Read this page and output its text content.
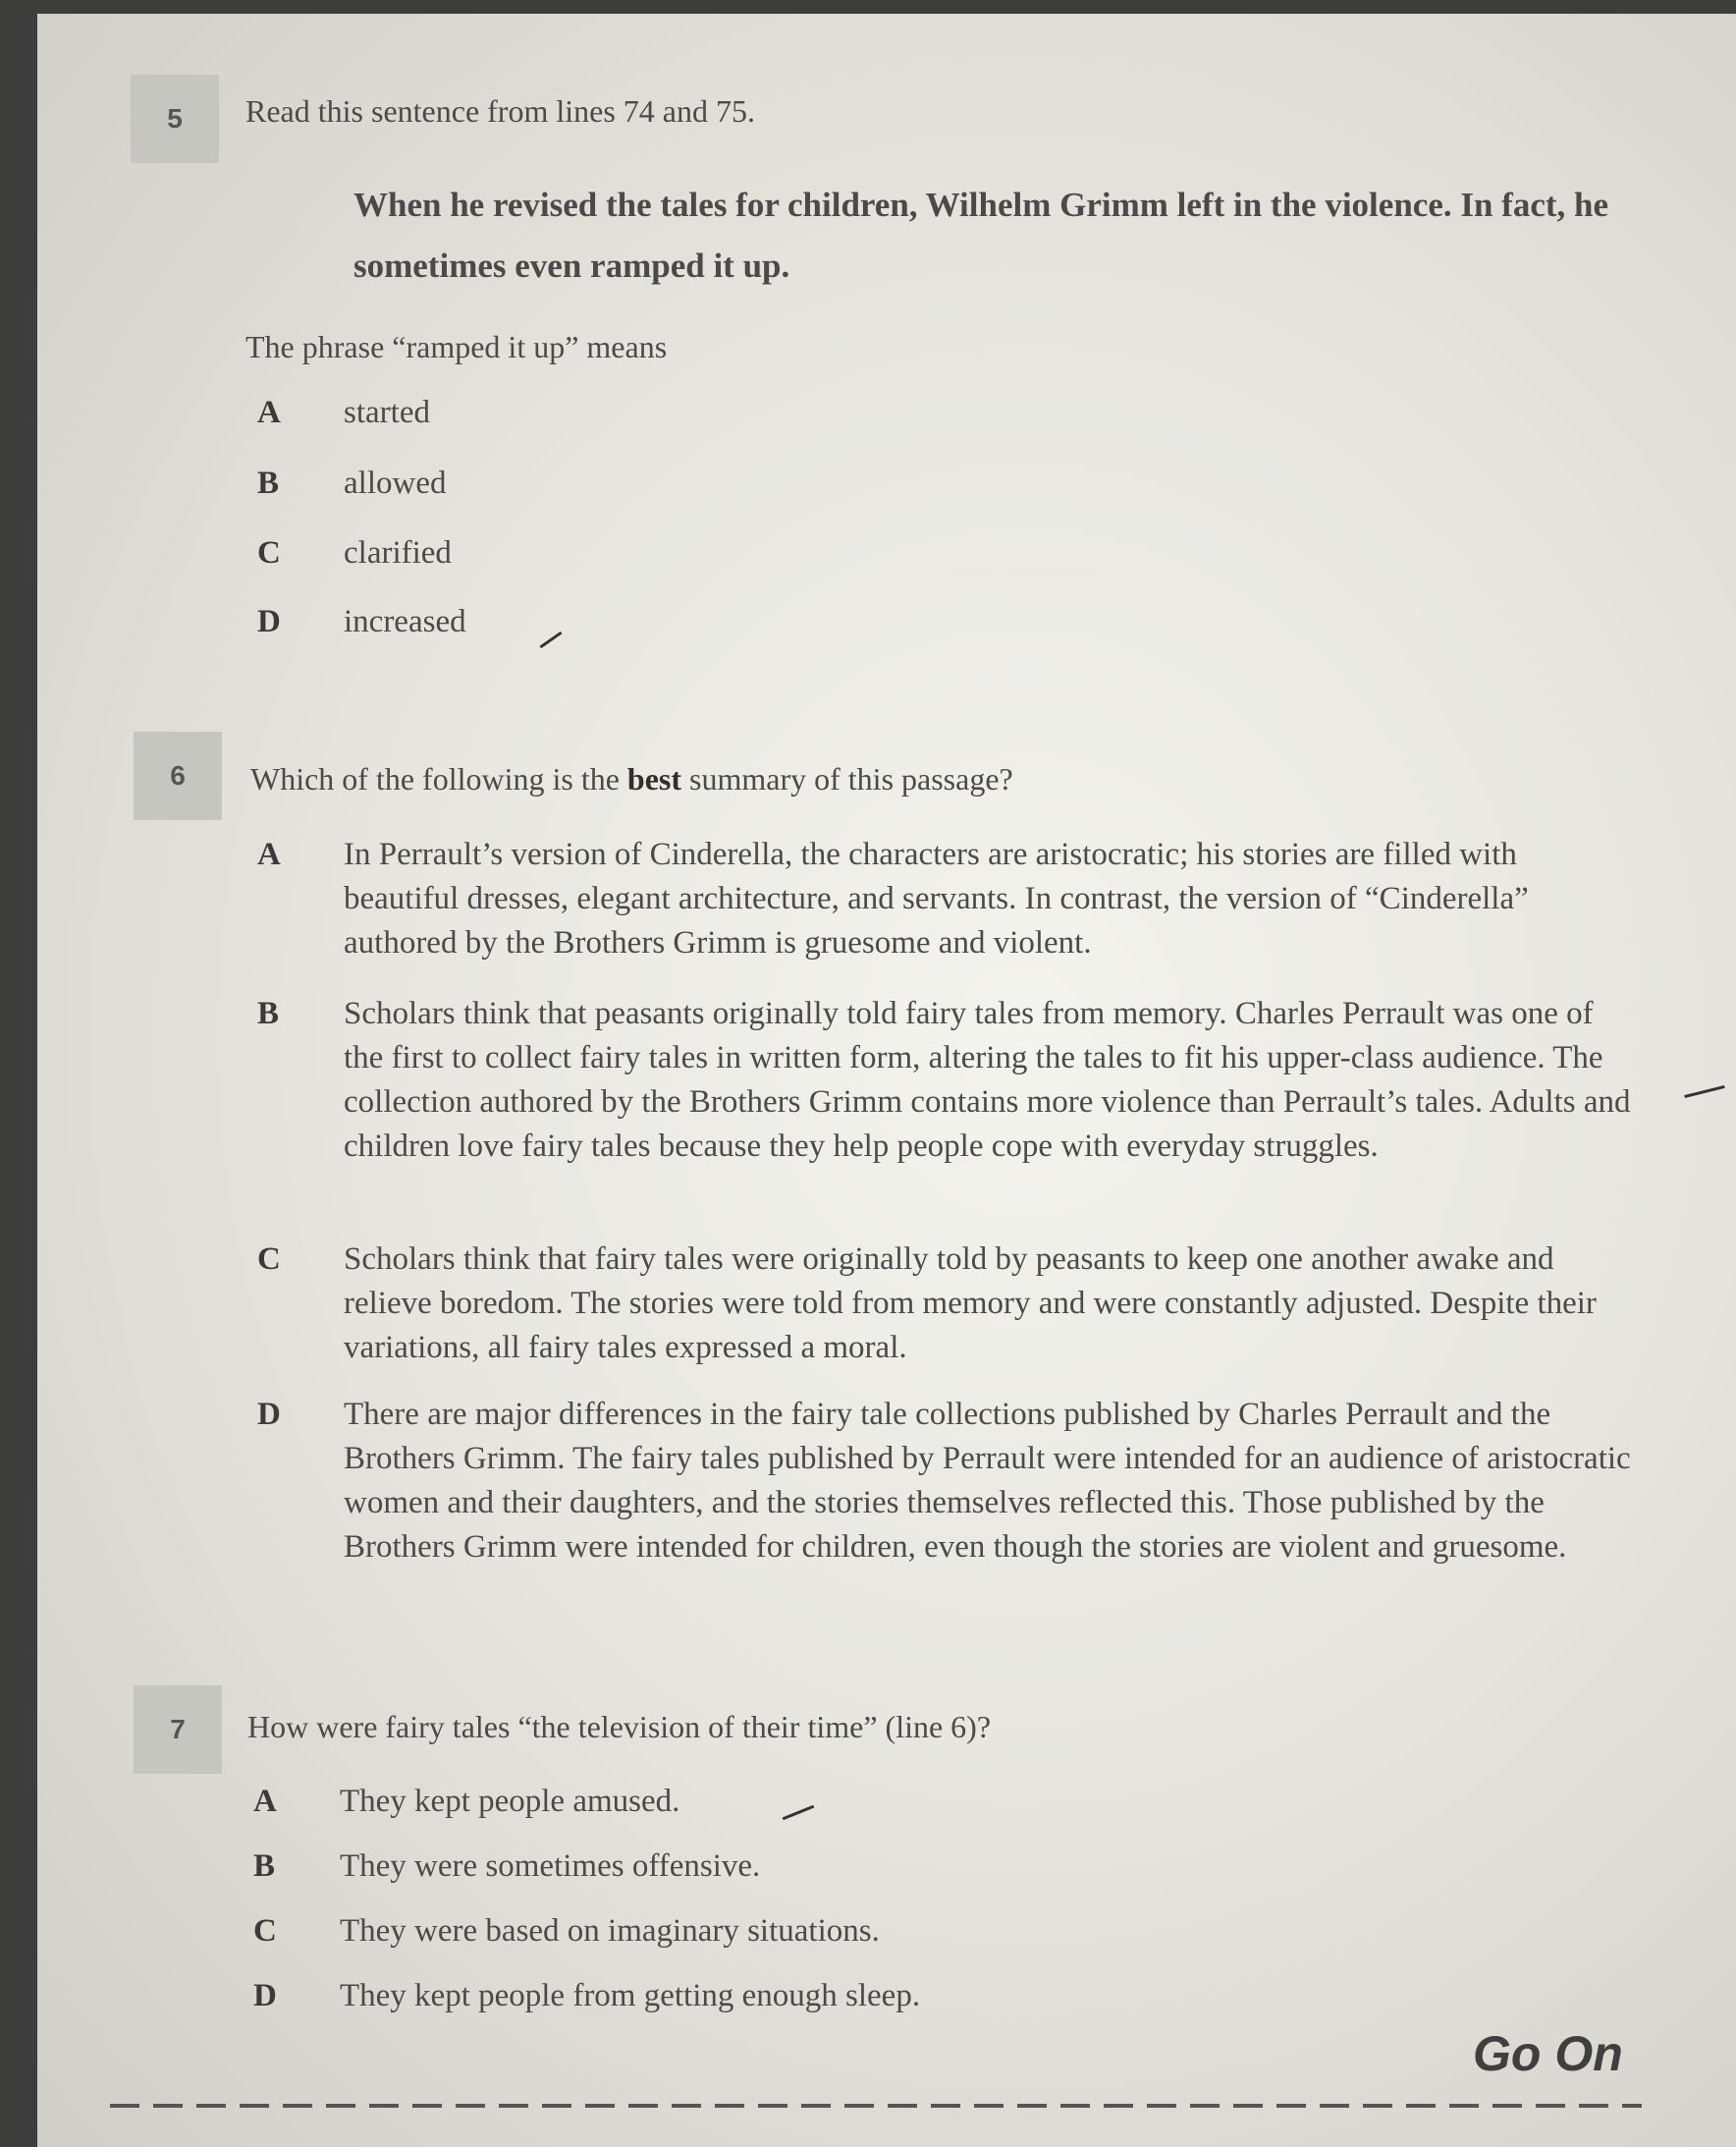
5	Read this sentence from lines 74 and 75.
When he revised the tales for children, Wilhelm Grimm left in the violence. In fact, he sometimes even ramped it up.
The phrase “ramped it up” means
A	started
B	allowed
C	clarified
D	increased
6	Which of the following is the best summary of this passage?
A	In Perrault’s version of Cinderella, the characters are aristocratic; his stories are filled with beautiful dresses, elegant architecture, and servants. In contrast, the version of “Cinderella” authored by the Brothers Grimm is gruesome and violent.
B	Scholars think that peasants originally told fairy tales from memory. Charles Perrault was one of the first to collect fairy tales in written form, altering the tales to fit his upper-class audience. The collection authored by the Brothers Grimm contains more violence than Perrault’s tales. Adults and children love fairy tales because they help people cope with everyday struggles.
C	Scholars think that fairy tales were originally told by peasants to keep one another awake and relieve boredom. The stories were told from memory and were constantly adjusted. Despite their variations, all fairy tales expressed a moral.
D	There are major differences in the fairy tale collections published by Charles Perrault and the Brothers Grimm. The fairy tales published by Perrault were intended for an audience of aristocratic women and their daughters, and the stories themselves reflected this. Those published by the Brothers Grimm were intended for children, even though the stories are violent and gruesome.
7	How were fairy tales “the television of their time” (line 6)?
A	They kept people amused.
B	They were sometimes offensive.
C	They were based on imaginary situations.
D	They kept people from getting enough sleep.
Go On
